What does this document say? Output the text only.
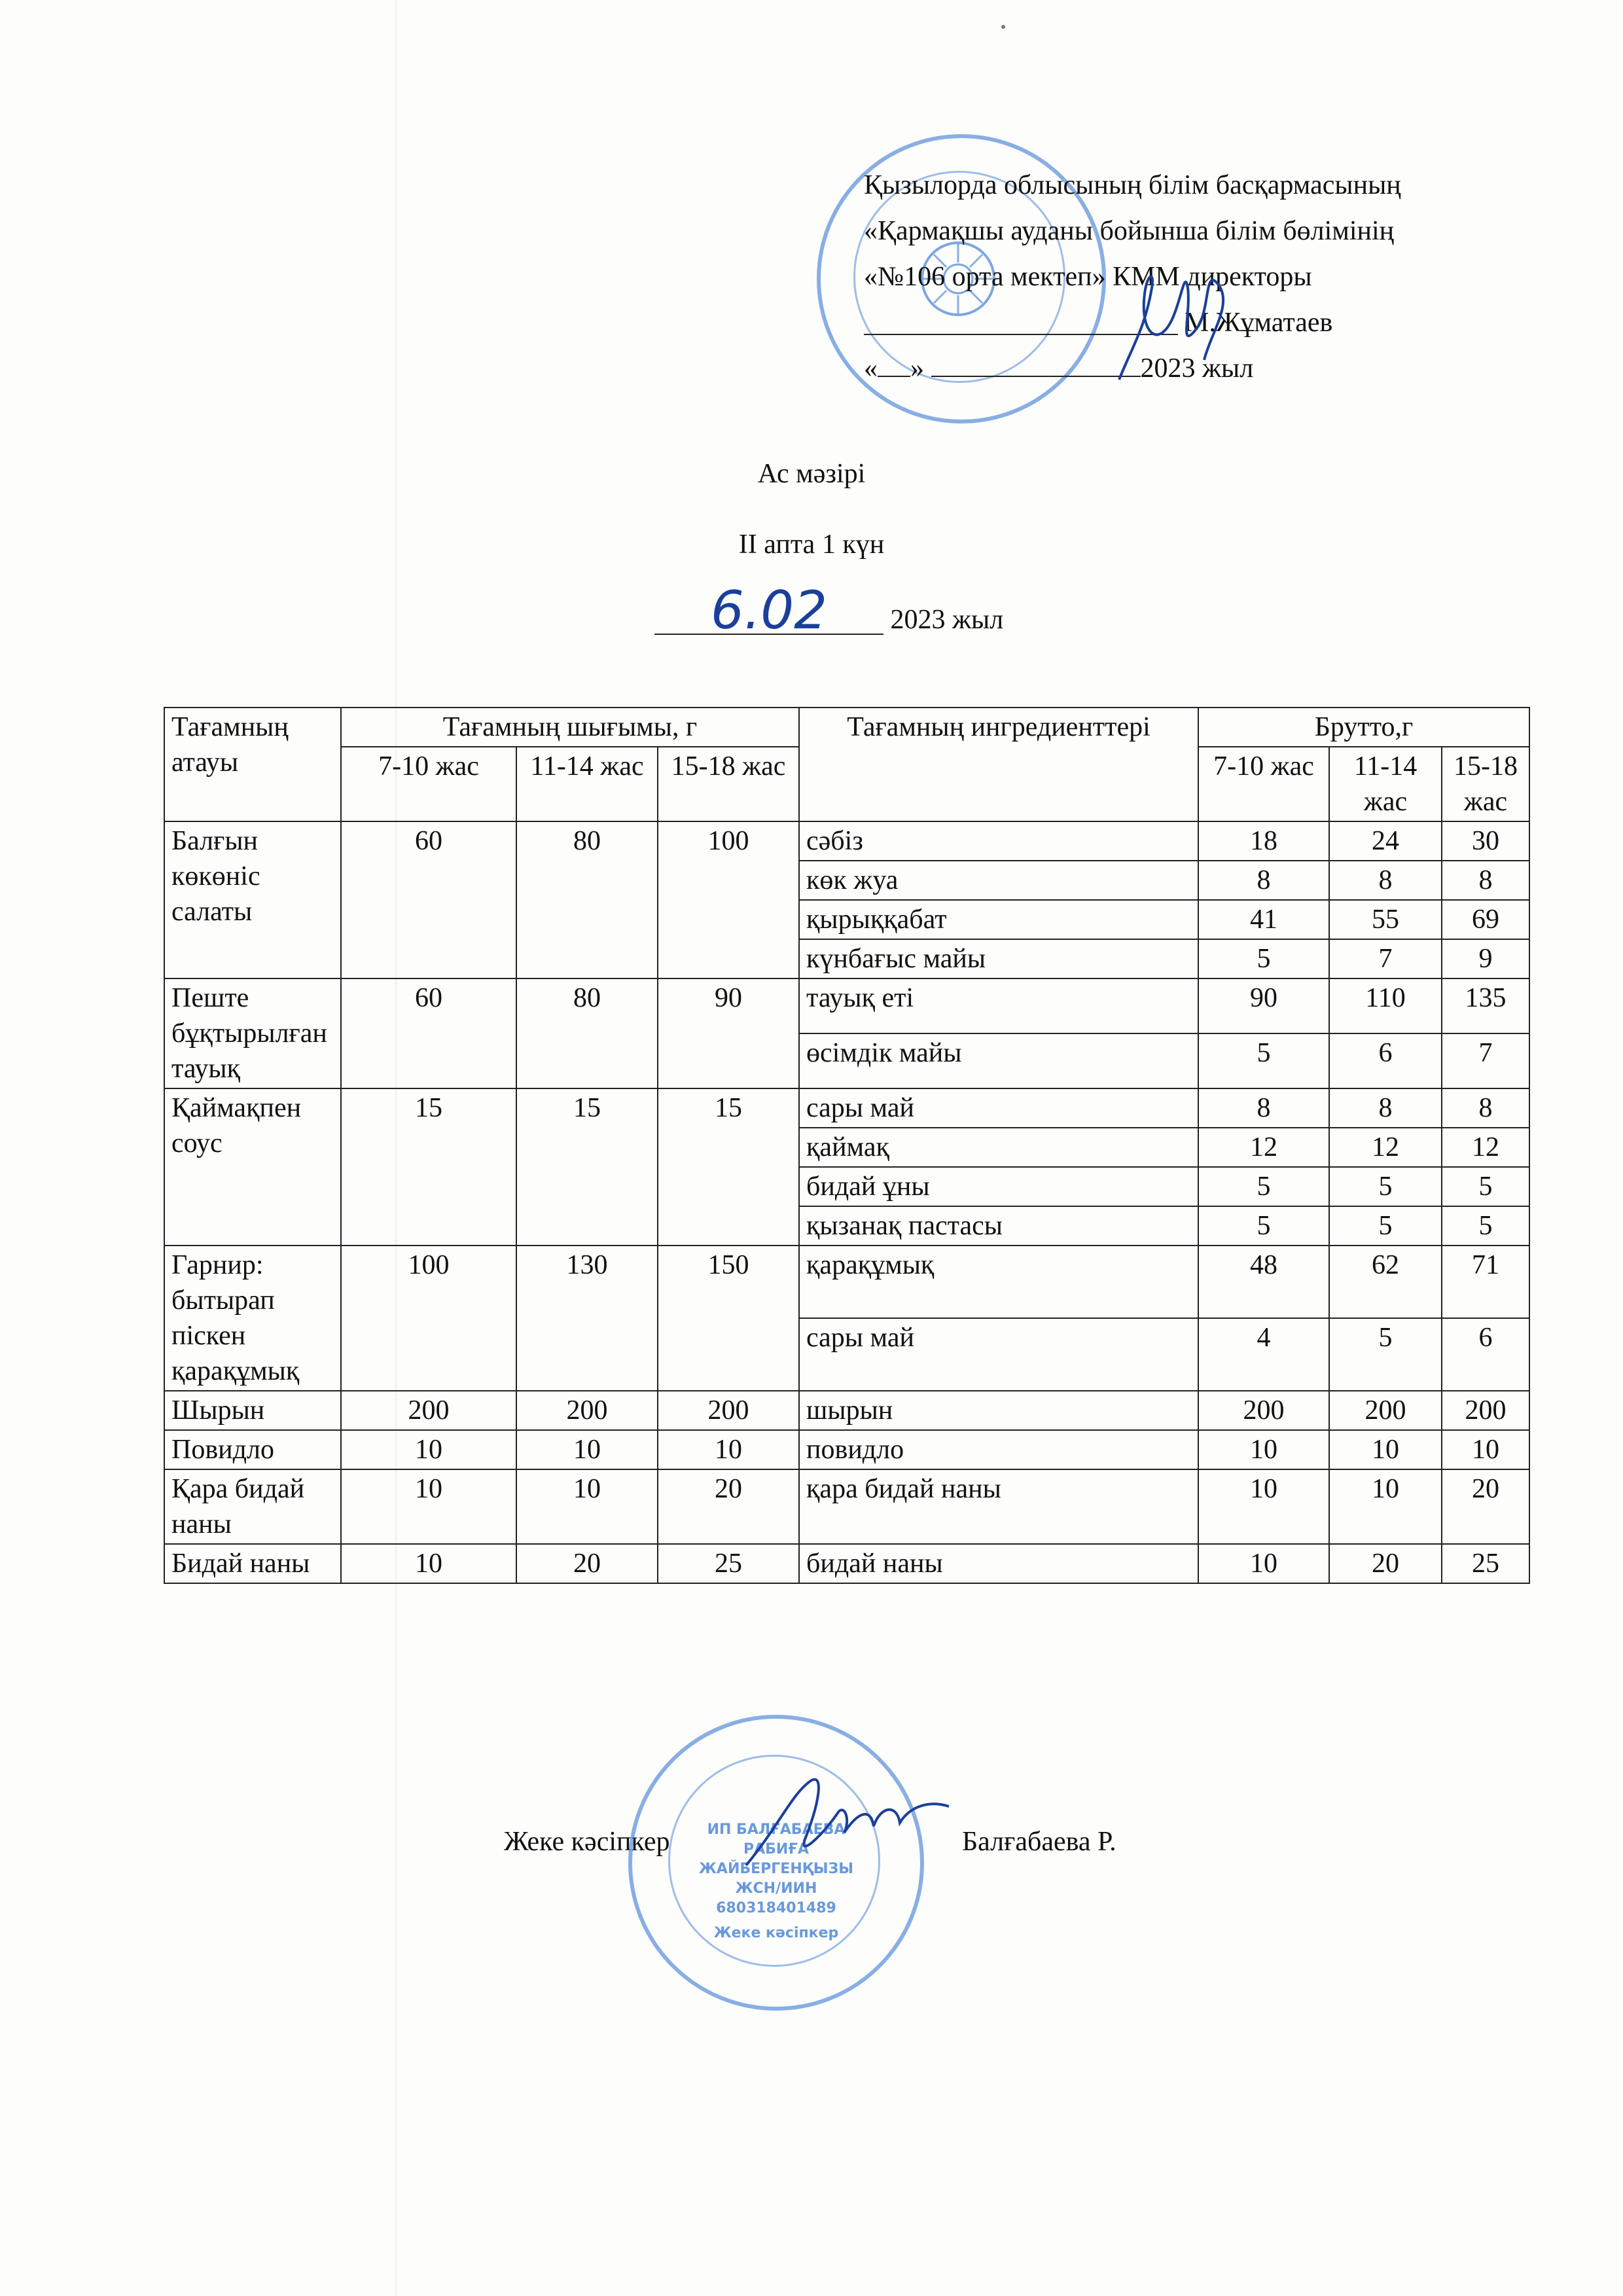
Қызылорда облысының білім басқармасының
«Қармақшы ауданы бойынша білім бөлімінің
«№106 орта мектеп» КММ директоры
М.Жұматаев
« »	2023 жыл
Ас мәзірі
ІІ апта 1 күн
6.02 2023 жыл
Тағамның атауы	Тағамның шығымы, г			Тағамның ингредиенттері	Брутто,г		
	7-10 жас	11-14 жас	15-18 жас		7-10 жас	11-14 жас	15-18 жас
Балғын көкөніс салаты	60	80	100	сәбіз	18	24	30
				көк жуа	8	8	8
				қырыққабат	41	55	69
				күнбағыс майы	5	7	9
Пеште бұқтырылған тауық	60	80	90	тауық еті	90	110	135
				өсімдік майы	5	6	7
Қаймақпен соус	15	15	15	сары май	8	8	8
				қаймақ	12	12	12
				бидай ұны	5	5	5
				қызанақ пастасы	5	5	5
Гарнир: бытырап піскен қарақұмық	100	130	150	қарақұмық	48	62	71
				сары май	4	5	6
Шырын	200	200	200	шырын	200	200	200
Повидло	10	10	10	повидло	10	10	10
Қара бидай наны	10	10	20	қара бидай наны	10	10	20
Бидай наны	10	20	25	бидай наны	10	20	25
Жеке кәсіпкер	Балғабаева Р.
ИП БАЛҒАБАЕВА
РАБИҒА
ЖАЙБЕРГЕНҚЫЗЫ
ЖСН/ИИН
680318401489
Жеке кәсіпкер
